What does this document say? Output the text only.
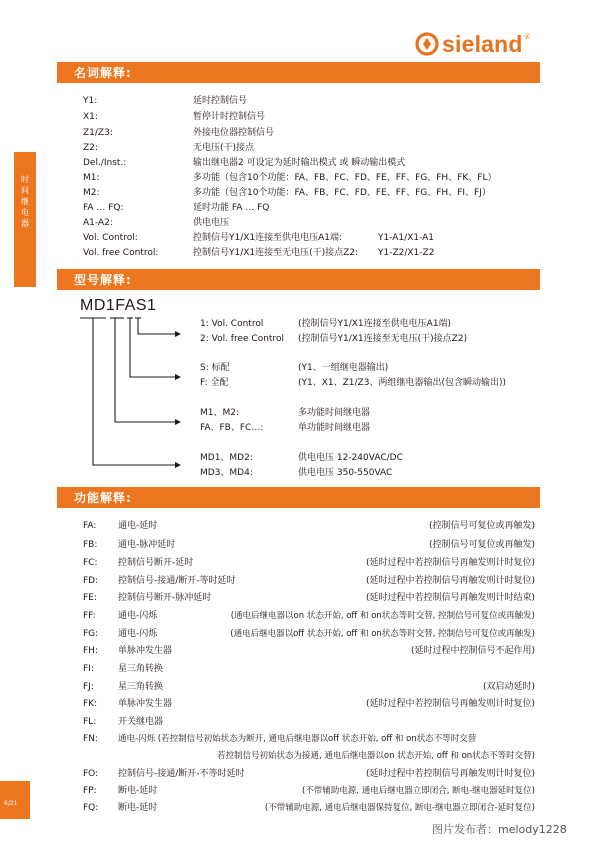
sieland ®
时
间
继
电
器
6/21
名词解释:
型号解释:
功能解释:
Y1:	延时控制信号
X1:	暂停计时控制信号
Z1/Z3:	外接电位器控制信号
Z2:	无电压(干)接点
Del./Inst.:	输出继电器2 可设定为延时输出模式 或 瞬动输出模式
M1:	多功能（包含10个功能：FA、FB、FC、FD、FE、FF、FG、FH、FK、FL）
M2:	多功能（包含10个功能：FA、FB、FC、FD、FE、FF、FG、FH、FI、FJ）
FA … FQ:	延时功能 FA … FQ
A1-A2:	供电电压
Vol. Control:	控制信号Y1/X1连接至供电电压A1端:	Y1-A1/X1-A1
Vol. free Control:	控制信号Y1/X1连接至无电压(干)接点Z2: Y1-Z2/X1-Z2
MD1FAS1
1: Vol. Control	(控制信号Y1/X1连接至供电电压A1端)
2: Vol. free Control (控制信号Y1/X1连接至无电压(干)接点Z2)
S: 标配	(Y1、一组继电器输出)
F: 全配	(Y1、X1、Z1/Z3、两组继电器输出(包含瞬动输出))
M1、M2:	多功能时间继电器
FA、FB、FC…:	单功能时间继电器
MD1、MD2:	供电电压 12-240VAC/DC
MD3、MD4:	供电电压 350-550VAC
FA: 通电-延时	(控制信号可复位或再触发)
FB: 通电-脉冲延时	(控制信号可复位或再触发)
FC: 控制信号断开-延时	(延时过程中若控制信号再触发则计时复位)
FD: 控制信号-接通/断开-等时延时	(延时过程中若控制信号再触发则计时复位)
FE: 控制信号断开-脉冲延时	(延时过程中若控制信号再触发则计时结束)
FF: 通电-闪烁	(通电后继电器以on 状态开始, off 和 on状态等时交替, 控制信号可复位或再触发)
FG: 通电-闪烁	(通电后继电器以off 状态开始, off 和 on状态等时交替, 控制信号可复位或再触发)
FH: 单脉冲发生器	(延时过程中控制信号不起作用)
FI:	星三角转换
FJ:	星三角转换	(双启动延时)
FK: 单脉冲发生器	(延时过程中若控制信号再触发则计时复位)
FL: 开关继电器
FN: 通电-闪烁 (若控制信号初始状态为断开, 通电后继电器以off 状态开始, off 和 on状态不等时交替
若控制信号初始状态为接通, 通电后继电器以on 状态开始, off 和 on状态不等时交替)
FO: 控制信号-接通/断开-不等时延时	(延时过程中若控制信号再触发则计时复位)
FP: 断电-延时	(不带辅助电源, 通电后继电器立即闭合, 断电-继电器延时复位)
FQ: 断电-延时	(不带辅助电源, 通电后继电器保持复位, 断电-继电器立即闭合-延时复位)
图片发布者：melody1228
